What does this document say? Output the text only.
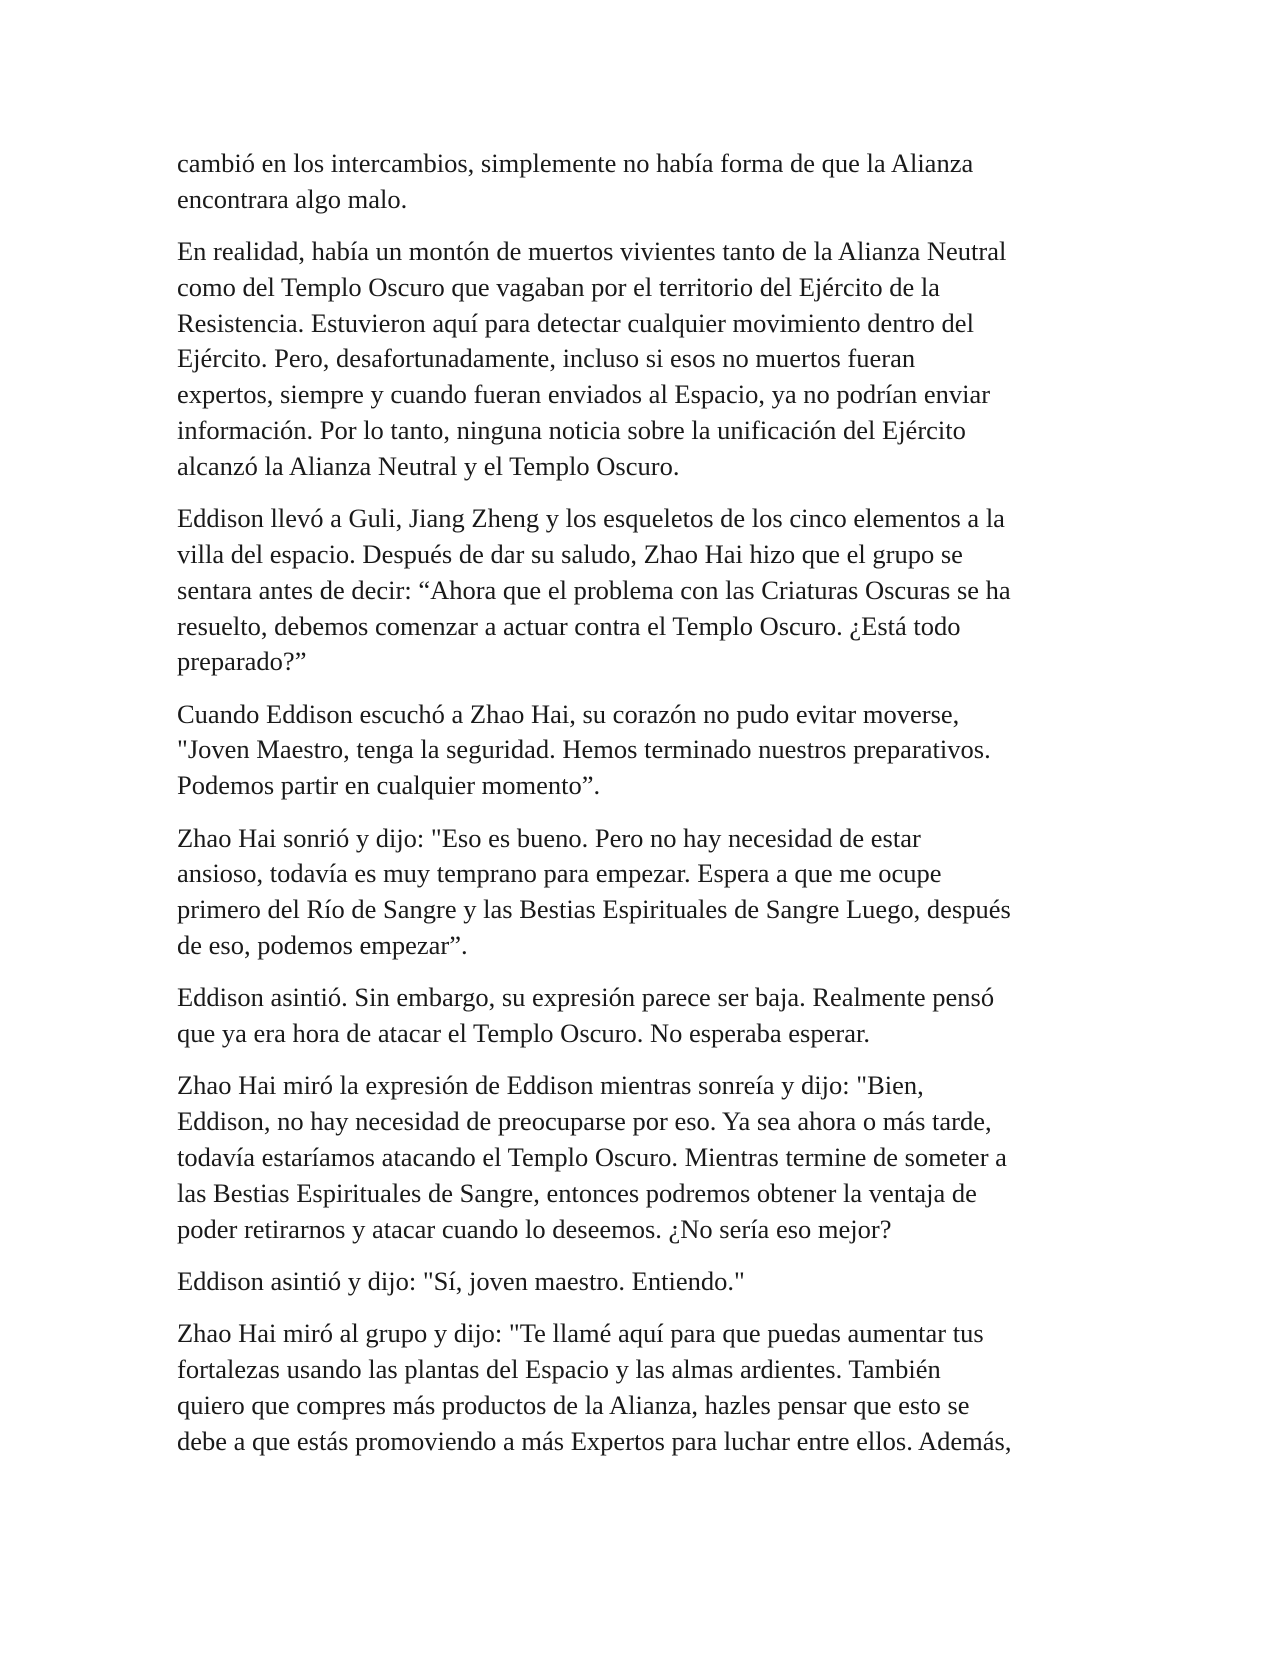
cambió en los intercambios, simplemente no había forma de que la Alianza
encontrara algo malo.

En realidad, había un montón de muertos vivientes tanto de la Alianza Neutral
como del Templo Oscuro que vagaban por el territorio del Ejército de la
Resistencia. Estuvieron aquí para detectar cualquier movimiento dentro del
Ejército. Pero, desafortunadamente, incluso si esos no muertos fueran
expertos, siempre y cuando fueran enviados al Espacio, ya no podrían enviar
información. Por lo tanto, ninguna noticia sobre la unificación del Ejército
alcanzó la Alianza Neutral y el Templo Oscuro.

Eddison llevó a Guli, Jiang Zheng y los esqueletos de los cinco elementos a la
villa del espacio. Después de dar su saludo, Zhao Hai hizo que el grupo se
sentara antes de decir: “Ahora que el problema con las Criaturas Oscuras se ha
resuelto, debemos comenzar a actuar contra el Templo Oscuro. ¿Está todo
preparado?”

Cuando Eddison escuchó a Zhao Hai, su corazón no pudo evitar moverse,
"Joven Maestro, tenga la seguridad. Hemos terminado nuestros preparativos.
Podemos partir en cualquier momento”.

Zhao Hai sonrió y dijo: "Eso es bueno. Pero no hay necesidad de estar
ansioso, todavía es muy temprano para empezar. Espera a que me ocupe
primero del Río de Sangre y las Bestias Espirituales de Sangre Luego, después
de eso, podemos empezar”.

Eddison asintió. Sin embargo, su expresión parece ser baja. Realmente pensó
que ya era hora de atacar el Templo Oscuro. No esperaba esperar.

Zhao Hai miró la expresión de Eddison mientras sonreía y dijo: "Bien,
Eddison, no hay necesidad de preocuparse por eso. Ya sea ahora o más tarde,
todavía estaríamos atacando el Templo Oscuro. Mientras termine de someter a
las Bestias Espirituales de Sangre, entonces podremos obtener la ventaja de
poder retirarnos y atacar cuando lo deseemos. ¿No sería eso mejor?

Eddison asintió y dijo: "Sí, joven maestro. Entiendo."

Zhao Hai miró al grupo y dijo: "Te llamé aquí para que puedas aumentar tus
fortalezas usando las plantas del Espacio y las almas ardientes. También
quiero que compres más productos de la Alianza, hazles pensar que esto se
debe a que estás promoviendo a más Expertos para luchar entre ellos. Además,
